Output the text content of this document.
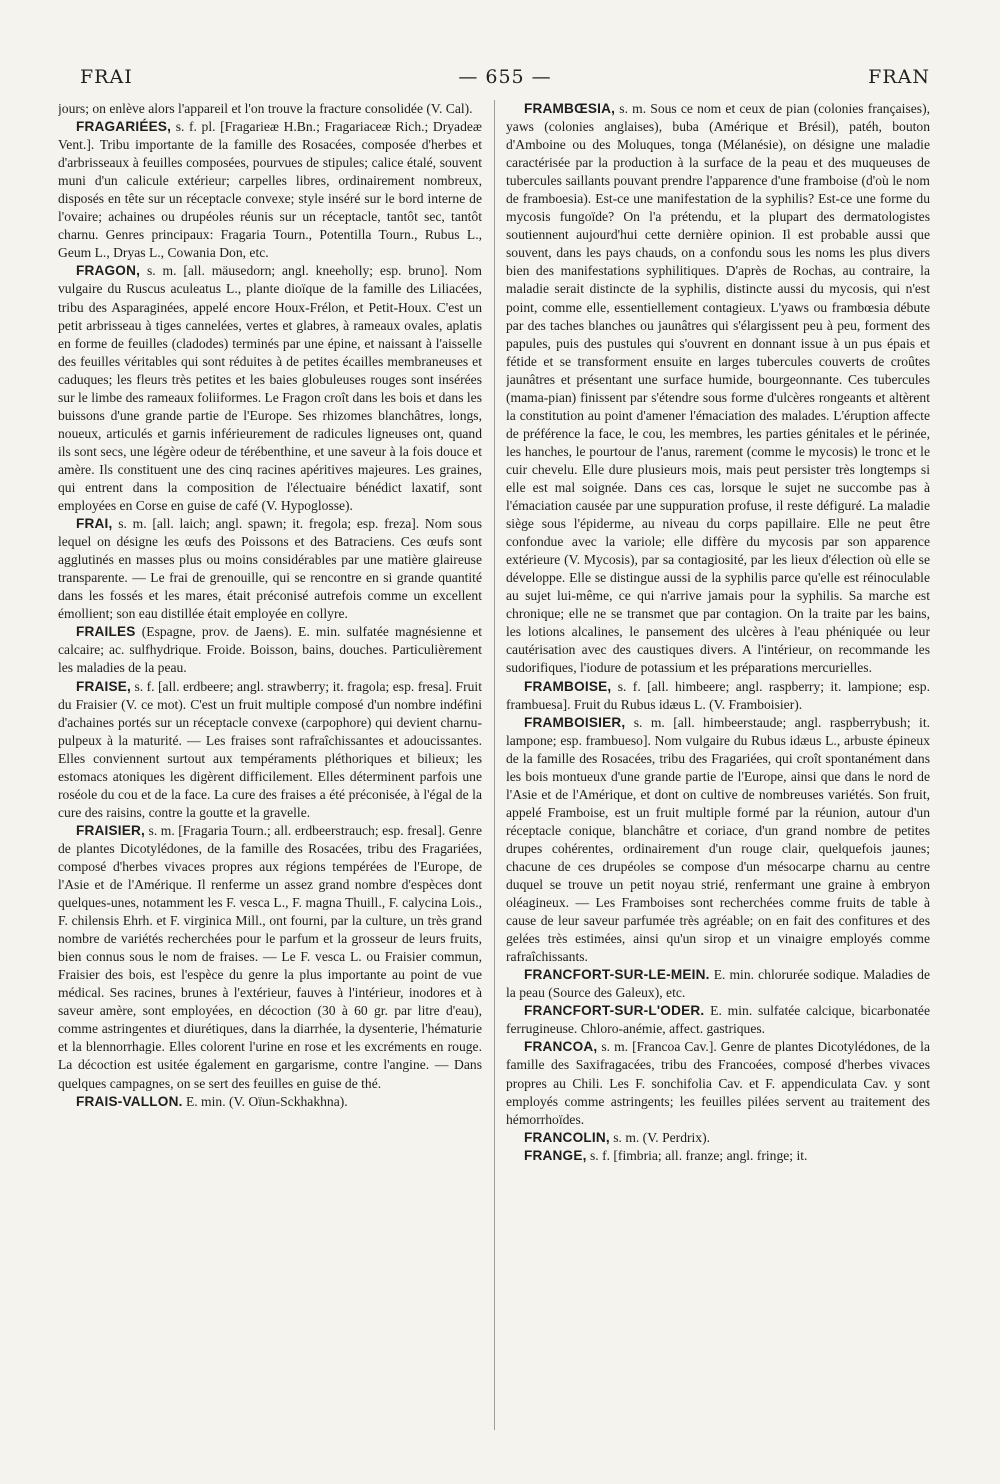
FRAI	— 655 —	FRAN

jours; on enlève alors l'appareil et l'on trouve la fracture consolidée (V. Cal).

FRAGARIÉES, s. f. pl. [Fragarieæ H.Bn.; Fragariaceæ Rich.; Dryadeæ Vent.]. Tribu importante de la famille des Rosacées, composée d'herbes et d'arbrisseaux à feuilles composées, pourvues de stipules; calice étalé, souvent muni d'un calicule extérieur; carpelles libres, ordinairement nombreux, disposés en tête sur un réceptacle convexe; style inséré sur le bord interne de l'ovaire; achaines ou drupéoles réunis sur un réceptacle, tantôt sec, tantôt charnu. Genres principaux: Fragaria Tourn., Potentilla Tourn., Rubus L., Geum L., Dryas L., Cowania Don, etc.

FRAGON, s. m. [all. mäusedorn; angl. kneeholly; esp. bruno]. Nom vulgaire du Ruscus aculeatus L., plante dioïque de la famille des Liliacées, tribu des Asparaginées, appelé encore Houx-Frélon, et Petit-Houx. C'est un petit arbrisseau à tiges cannelées, vertes et glabres, à rameaux ovales, aplatis en forme de feuilles (cladodes) terminés par une épine, et naissant à l'aisselle des feuilles véritables qui sont réduites à de petites écailles membraneuses et caduques; les fleurs très petites et les baies globuleuses rouges sont insérées sur le limbe des rameaux foliiformes. Le Fragon croît dans les bois et dans les buissons d'une grande partie de l'Europe. Ses rhizomes blanchâtres, longs, noueux, articulés et garnis inférieurement de radicules ligneuses ont, quand ils sont secs, une légère odeur de térébenthine, et une saveur à la fois douce et amère. Ils constituent une des cinq racines apéritives majeures. Les graines, qui entrent dans la composition de l'électuaire bénédict laxatif, sont employées en Corse en guise de café (V. Hypoglosse).

FRAI, s. m. [all. laich; angl. spawn; it. fregola; esp. freza]. Nom sous lequel on désigne les œufs des Poissons et des Batraciens. Ces œufs sont agglutinés en masses plus ou moins considérables par une matière glaireuse transparente. — Le frai de grenouille, qui se rencontre en si grande quantité dans les fossés et les mares, était préconisé autrefois comme un excellent émollient; son eau distillée était employée en collyre.

FRAILES (Espagne, prov. de Jaens). E. min. sulfatée magnésienne et calcaire; ac. sulfhydrique. Froide. Boisson, bains, douches. Particulièrement les maladies de la peau.

FRAISE, s. f. [all. erdbeere; angl. strawberry; it. fragola; esp. fresa]. Fruit du Fraisier (V. ce mot). C'est un fruit multiple composé d'un nombre indéfini d'achaines portés sur un réceptacle convexe (carpophore) qui devient charnu-pulpeux à la maturité. — Les fraises sont rafraîchissantes et adoucissantes. Elles conviennent surtout aux tempéraments pléthoriques et bilieux; les estomacs atoniques les digèrent difficilement. Elles déterminent parfois une roséole du cou et de la face. La cure des fraises a été préconisée, à l'égal de la cure des raisins, contre la goutte et la gravelle.

FRAISIER, s. m. [Fragaria Tourn.; all. erdbeerstrauch; esp. fresal]. Genre de plantes Dicotylédones, de la famille des Rosacées, tribu des Fragariées, composé d'herbes vivaces propres aux régions tempérées de l'Europe, de l'Asie et de l'Amérique. Il renferme un assez grand nombre d'espèces dont quelques-unes, notamment les F. vesca L., F. magna Thuill., F. calycina Lois., F. chilensis Ehrh. et F. virginica Mill., ont fourni, par la culture, un très grand nombre de variétés recherchées pour le parfum et la grosseur de leurs fruits, bien connus sous le nom de fraises. — Le F. vesca L. ou Fraisier commun, Fraisier des bois, est l'espèce du genre la plus importante au point de vue médical. Ses racines, brunes à l'extérieur, fauves à l'intérieur, inodores et à saveur amère, sont employées, en décoction (30 à 60 gr. par litre d'eau), comme astringentes et diurétiques, dans la diarrhée, la dysenterie, l'hématurie et la blennorrhagie. Elles colorent l'urine en rose et les excréments en rouge. La décoction est usitée également en gargarisme, contre l'angine. — Dans quelques campagnes, on se sert des feuilles en guise de thé.

FRAIS-VALLON. E. min. (V. Oïun-Sckhakhna).

FRAMBŒSIA, s. m. Sous ce nom et ceux de pian (colonies françaises), yaws (colonies anglaises), buba (Amérique et Brésil), patéh, bouton d'Amboine ou des Moluques, tonga (Mélanésie), on désigne une maladie caractérisée par la production à la surface de la peau et des muqueuses de tubercules saillants pouvant prendre l'apparence d'une framboise (d'où le nom de framboesia). Est-ce une manifestation de la syphilis? Est-ce une forme du mycosis fungoïde? On l'a prétendu, et la plupart des dermatologistes soutiennent aujourd'hui cette dernière opinion. Il est probable aussi que souvent, dans les pays chauds, on a confondu sous les noms les plus divers bien des manifestations syphilitiques. D'après de Rochas, au contraire, la maladie serait distincte de la syphilis, distincte aussi du mycosis, qui n'est point, comme elle, essentiellement contagieux. L'yaws ou frambœsia débute par des taches blanches ou jaunâtres qui s'élargissent peu à peu, forment des papules, puis des pustules qui s'ouvrent en donnant issue à un pus épais et fétide et se transforment ensuite en larges tubercules couverts de croûtes jaunâtres et présentant une surface humide, bourgeonnante. Ces tubercules (mama-pian) finissent par s'étendre sous forme d'ulcères rongeants et altèrent la constitution au point d'amener l'émaciation des malades. L'éruption affecte de préférence la face, le cou, les membres, les parties génitales et le périnée, les hanches, le pourtour de l'anus, rarement (comme le mycosis) le tronc et le cuir chevelu. Elle dure plusieurs mois, mais peut persister très longtemps si elle est mal soignée. Dans ces cas, lorsque le sujet ne succombe pas à l'émaciation causée par une suppuration profuse, il reste défiguré. La maladie siège sous l'épiderme, au niveau du corps papillaire. Elle ne peut être confondue avec la variole; elle diffère du mycosis par son apparence extérieure (V. Mycosis), par sa contagiosité, par les lieux d'élection où elle se développe. Elle se distingue aussi de la syphilis parce qu'elle est réinoculable au sujet lui-même, ce qui n'arrive jamais pour la syphilis. Sa marche est chronique; elle ne se transmet que par contagion. On la traite par les bains, les lotions alcalines, le pansement des ulcères à l'eau phéniquée ou leur cautérisation avec des caustiques divers. A l'intérieur, on recommande les sudorifiques, l'iodure de potassium et les préparations mercurielles.

FRAMBOISE, s. f. [all. himbeere; angl. raspberry; it. lampione; esp. frambuesa]. Fruit du Rubus idæus L. (V. Framboisier).

FRAMBOISIER, s. m. [all. himbeerstaude; angl. raspberrybush; it. lampone; esp. frambueso]. Nom vulgaire du Rubus idæus L., arbuste épineux de la famille des Rosacées, tribu des Fragariées, qui croît spontanément dans les bois montueux d'une grande partie de l'Europe, ainsi que dans le nord de l'Asie et de l'Amérique, et dont on cultive de nombreuses variétés. Son fruit, appelé Framboise, est un fruit multiple formé par la réunion, autour d'un réceptacle conique, blanchâtre et coriace, d'un grand nombre de petites drupes cohérentes, ordinairement d'un rouge clair, quelquefois jaunes; chacune de ces drupéoles se compose d'un mésocarpe charnu au centre duquel se trouve un petit noyau strié, renfermant une graine à embryon oléagineux. — Les Framboises sont recherchées comme fruits de table à cause de leur saveur parfumée très agréable; on en fait des confitures et des gelées très estimées, ainsi qu'un sirop et un vinaigre employés comme rafraîchissants.

FRANCFORT-SUR-LE-MEIN. E. min. chlorurée sodique. Maladies de la peau (Source des Galeux), etc.

FRANCFORT-SUR-L'ODER. E. min. sulfatée calcique, bicarbonatée ferrugineuse. Chloro-anémie, affect. gastriques.

FRANCOA, s. m. [Francoa Cav.]. Genre de plantes Dicotylédones, de la famille des Saxifragacées, tribu des Francoées, composé d'herbes vivaces propres au Chili. Les F. sonchifolia Cav. et F. appendiculata Cav. y sont employés comme astringents; les feuilles pilées servent au traitement des hémorrhoïdes.

FRANCOLIN, s. m. (V. Perdrix).

FRANGE, s. f. [fimbria; all. franze; angl. fringe; it.
